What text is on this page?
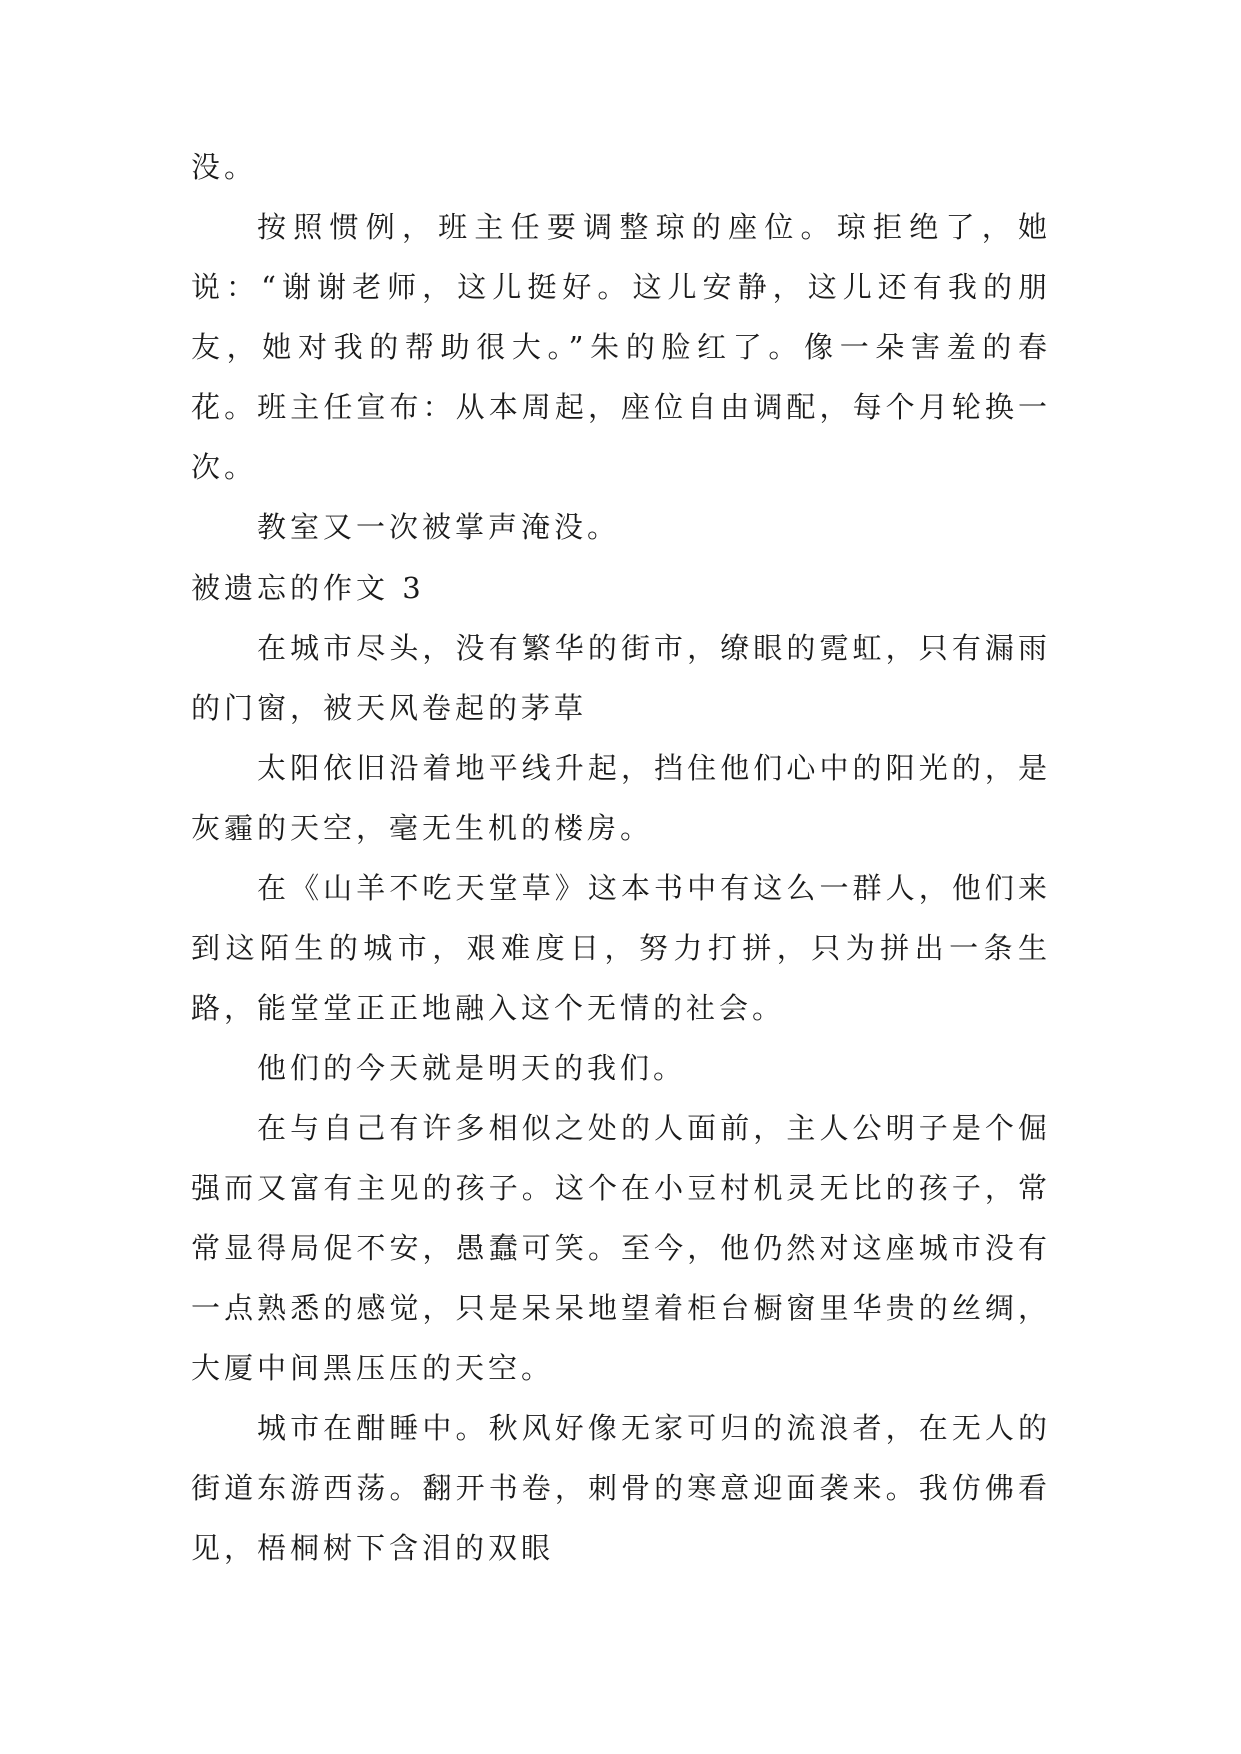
没。

按照惯例，班主任要调整琼的座位。琼拒绝了，她说：“谢谢老师，这儿挺好。这儿安静，这儿还有我的朋友，她对我的帮助很大。”朱的脸红了。像一朵害羞的春花。班主任宣布：从本周起，座位自由调配，每个月轮换一次。

教室又一次被掌声淹没。

被遗忘的作文 3

在城市尽头，没有繁华的街市，缭眼的霓虹，只有漏雨的门窗，被天风卷起的茅草

太阳依旧沿着地平线升起，挡住他们心中的阳光的，是灰霾的天空，毫无生机的楼房。

在《山羊不吃天堂草》这本书中有这么一群人，他们来到这陌生的城市，艰难度日，努力打拼，只为拼出一条生路，能堂堂正正地融入这个无情的社会。

他们的今天就是明天的我们。

在与自己有许多相似之处的人面前，主人公明子是个倔强而又富有主见的孩子。这个在小豆村机灵无比的孩子，常常显得局促不安，愚蠢可笑。至今，他仍然对这座城市没有一点熟悉的感觉，只是呆呆地望着柜台橱窗里华贵的丝绸，大厦中间黑压压的天空。

城市在酣睡中。秋风好像无家可归的流浪者，在无人的街道东游西荡。翻开书卷，刺骨的寒意迎面袭来。我仿佛看见，梧桐树下含泪的双眼
